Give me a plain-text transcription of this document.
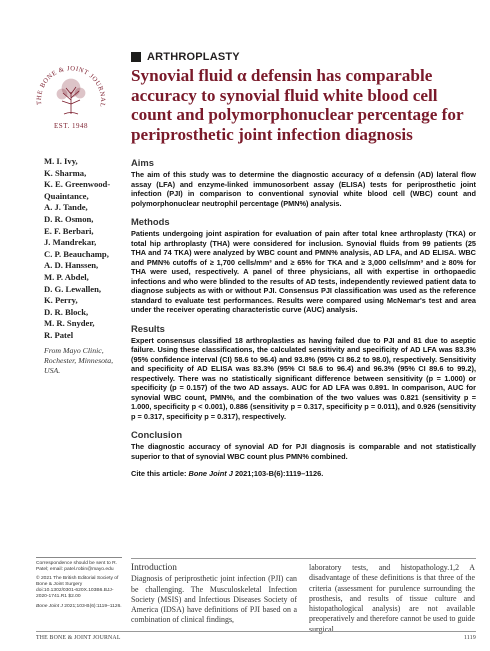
THE BONE & JOINT JOURNAL
EST. 1948
ARTHROPLASTY
Synovial fluid α defensin has comparable accuracy to synovial fluid white blood cell count and polymorphonuclear percentage for periprosthetic joint infection diagnosis
M. I. Ivy,
K. Sharma,
K. E. Greenwood-
Quaintance,
A. J. Tande,
D. R. Osmon,
E. F. Berbari,
J. Mandrekar,
C. P. Beauchamp,
A. D. Hanssen,
M. P. Abdel,
D. G. Lewallen,
K. Perry,
D. R. Block,
M. R. Snyder,
R. Patel
From Mayo Clinic,
Rochester, Minnesota,
USA.
Aims

The aim of this study was to determine the diagnostic accuracy of α defensin (AD) lateral flow assay (LFA) and enzyme-linked immunosorbent assay (ELISA) tests for periprosthetic joint infection (PJI) in comparison to conventional synovial white blood cell (WBC) count and polymorphonuclear neutrophil percentage (PMN%) analysis.

Methods

Patients undergoing joint aspiration for evaluation of pain after total knee arthroplasty (TKA) or total hip arthroplasty (THA) were considered for inclusion. Synovial fluids from 99 patients (25 THA and 74 TKA) were analyzed by WBC count and PMN% analysis, AD LFA, and AD ELISA. WBC and PMN% cutoffs of ≥ 1,700 cells/mm³ and ≥ 65% for TKA and ≥ 3,000 cells/mm³ and ≥ 80% for THA were used, respectively. A panel of three physicians, all with expertise in orthopaedic infections and who were blinded to the results of AD tests, independently reviewed patient data to diagnose subjects as with or without PJI. Consensus PJI classification was used as the reference standard to evaluate test performances. Results were compared using McNemar's test and area under the receiver operating characteristic curve (AUC) analysis.

Results

Expert consensus classified 18 arthroplasties as having failed due to PJI and 81 due to aseptic failure. Using these classifications, the calculated sensitivity and specificity of AD LFA was 83.3% (95% confidence interval (CI) 58.6 to 96.4) and 93.8% (95% CI 86.2 to 98.0), respectively. Sensitivity and specificity of AD ELISA was 83.3% (95% CI 58.6 to 96.4) and 96.3% (95% CI 89.6 to 99.2), respectively. There was no statistically significant difference between sensitivity (p = 1.000) or specificity (p = 0.157) of the two AD assays. AUC for AD LFA was 0.891. In comparison, AUC for synovial WBC count, PMN%, and the combination of the two values was 0.821 (sensitivity p = 1.000, specificity p < 0.001), 0.886 (sensitivity p = 0.317, specificity p = 0.011), and 0.926 (sensitivity p = 0.317, specificity p = 0.317), respectively.

Conclusion

The diagnostic accuracy of synovial AD for PJI diagnosis is comparable and not statistically superior to that of synovial WBC count plus PMN% combined.

Cite this article: Bone Joint J 2021;103-B(6):1119–1126.

Correspondence should be sent to R. Patel; email: patel.robin@mayo.edu

© 2021 The British Editorial Society of Bone & Joint Surgery doi:10.1302/0301-620X.103B6.BJJ-2020-1741.R1 $2.00

Bone Joint J 2021;103-B(6):1119–1126.

Introduction

Diagnosis of periprosthetic joint infection (PJI) can be challenging. The Musculoskeletal Infection Society (MSIS) and Infectious Diseases Society of America (IDSA) have definitions of PJI based on a combination of clinical findings,

laboratory tests, and histopathology.1,2 A disadvantage of these definitions is that three of the criteria (assessment for purulence surrounding the prosthesis, and results of tissue culture and histopathological analysis) are not available preoperatively and therefore cannot be used to guide surgical

THE BONE & JOINT JOURNAL	1119
